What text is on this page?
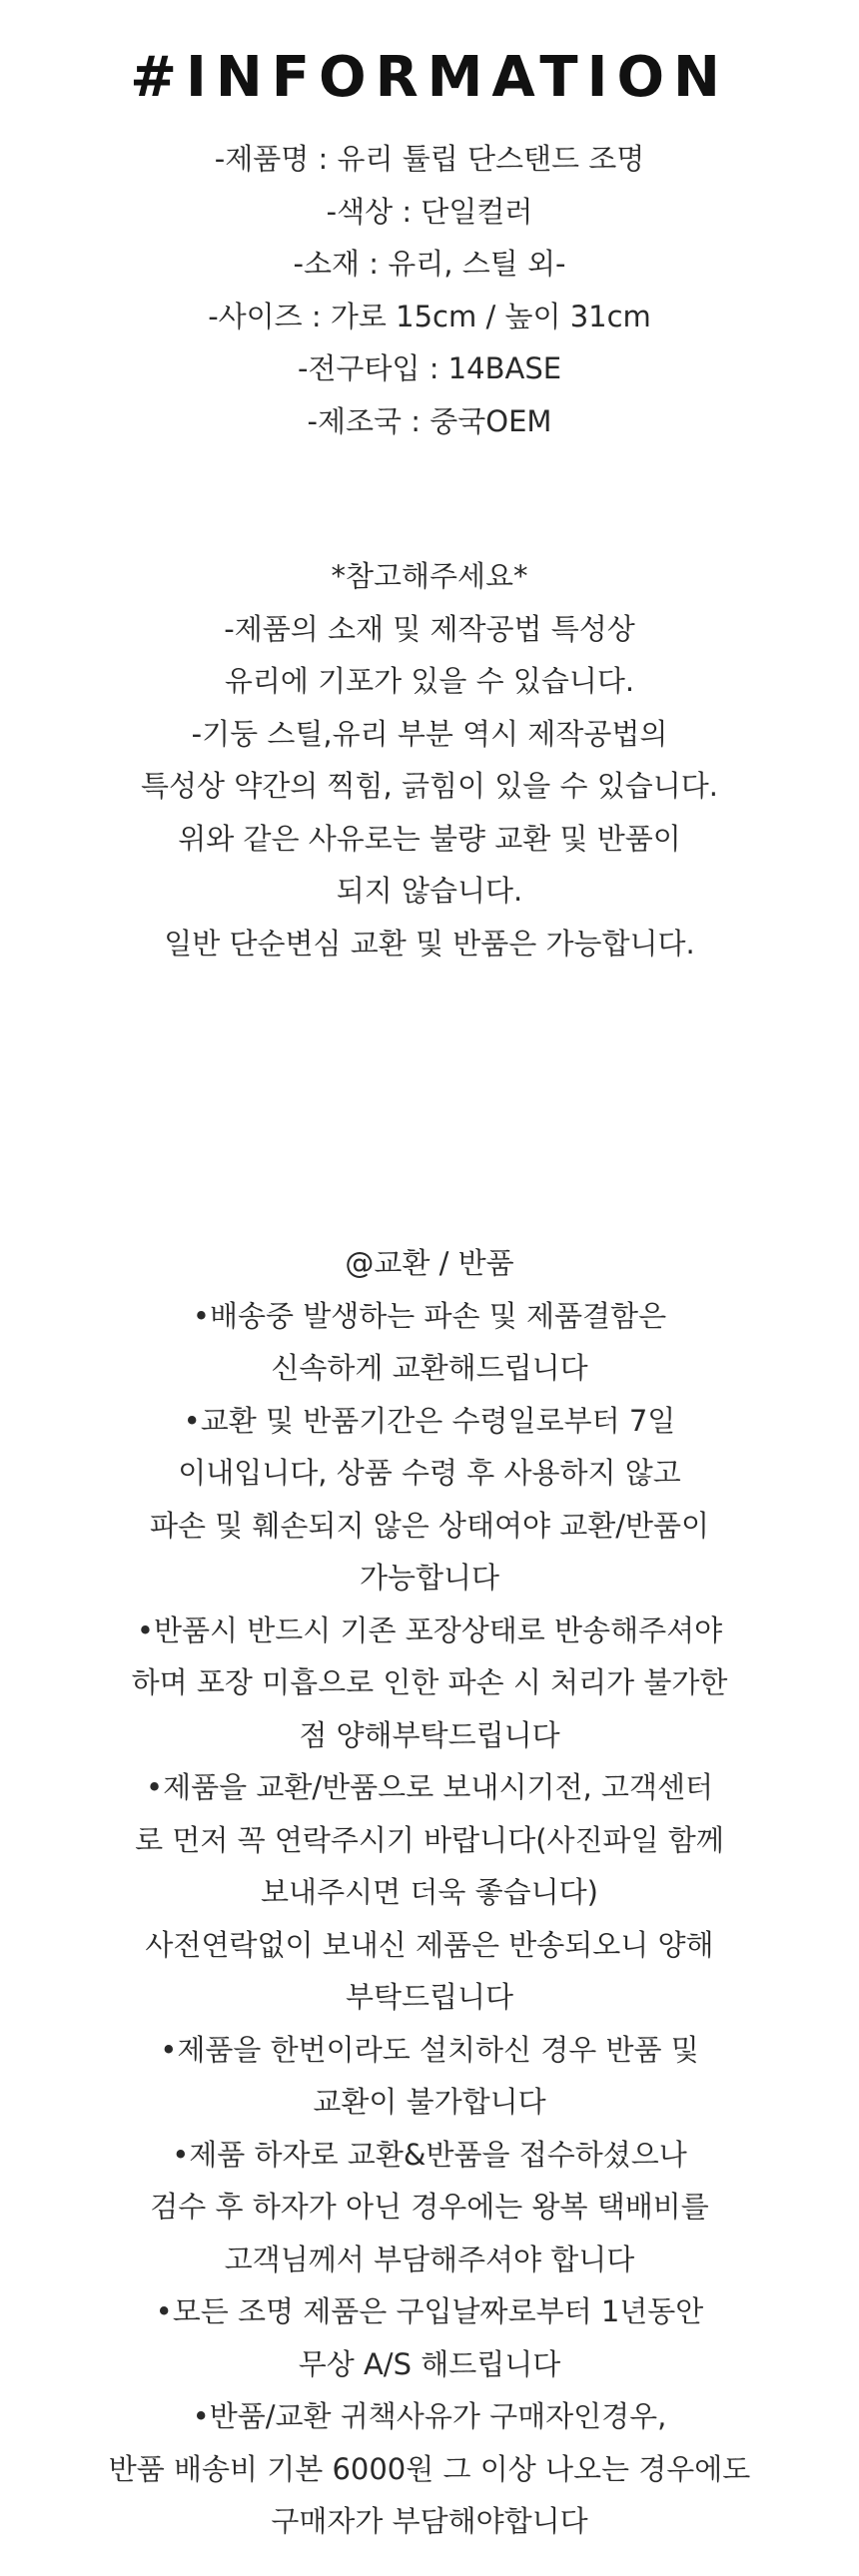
#INFORMATION
-제품명 : 유리 튤립 단스탠드 조명
-색상 : 단일컬러
-소재 : 유리, 스틸 외-
-사이즈 : 가로 15cm / 높이 31cm
-전구타입 : 14BASE
-제조국 : 중국OEM
*참고해주세요*
-제품의 소재 및 제작공법 특성상
유리에 기포가 있을 수 있습니다.
-기둥 스틸,유리 부분 역시 제작공법의
특성상 약간의 찍힘, 긁힘이 있을 수 있습니다.
위와 같은 사유로는 불량 교환 및 반품이
되지 않습니다.
일반 단순변심 교환 및 반품은 가능합니다.
@교환 / 반품
•배송중 발생하는 파손 및 제품결함은
신속하게 교환해드립니다
•교환 및 반품기간은 수령일로부터 7일
이내입니다, 상품 수령 후 사용하지 않고
파손 및 훼손되지 않은 상태여야 교환/반품이
가능합니다
•반품시 반드시 기존 포장상태로 반송해주셔야
하며 포장 미흡으로 인한 파손 시 처리가 불가한
점 양해부탁드립니다
•제품을 교환/반품으로 보내시기전, 고객센터
로 먼저 꼭 연락주시기 바랍니다(사진파일 함께
보내주시면 더욱 좋습니다)
사전연락없이 보내신 제품은 반송되오니 양해
부탁드립니다
•제품을 한번이라도 설치하신 경우 반품 및
교환이 불가합니다
•제품 하자로 교환&반품을 접수하셨으나
검수 후 하자가 아닌 경우에는 왕복 택배비를
고객님께서 부담해주셔야 합니다
•모든 조명 제품은 구입날짜로부터 1년동안
무상 A/S 해드립니다
•반품/교환 귀책사유가 구매자인경우,
반품 배송비 기본 6000원 그 이상 나오는 경우에도
구매자가 부담해야합니다
